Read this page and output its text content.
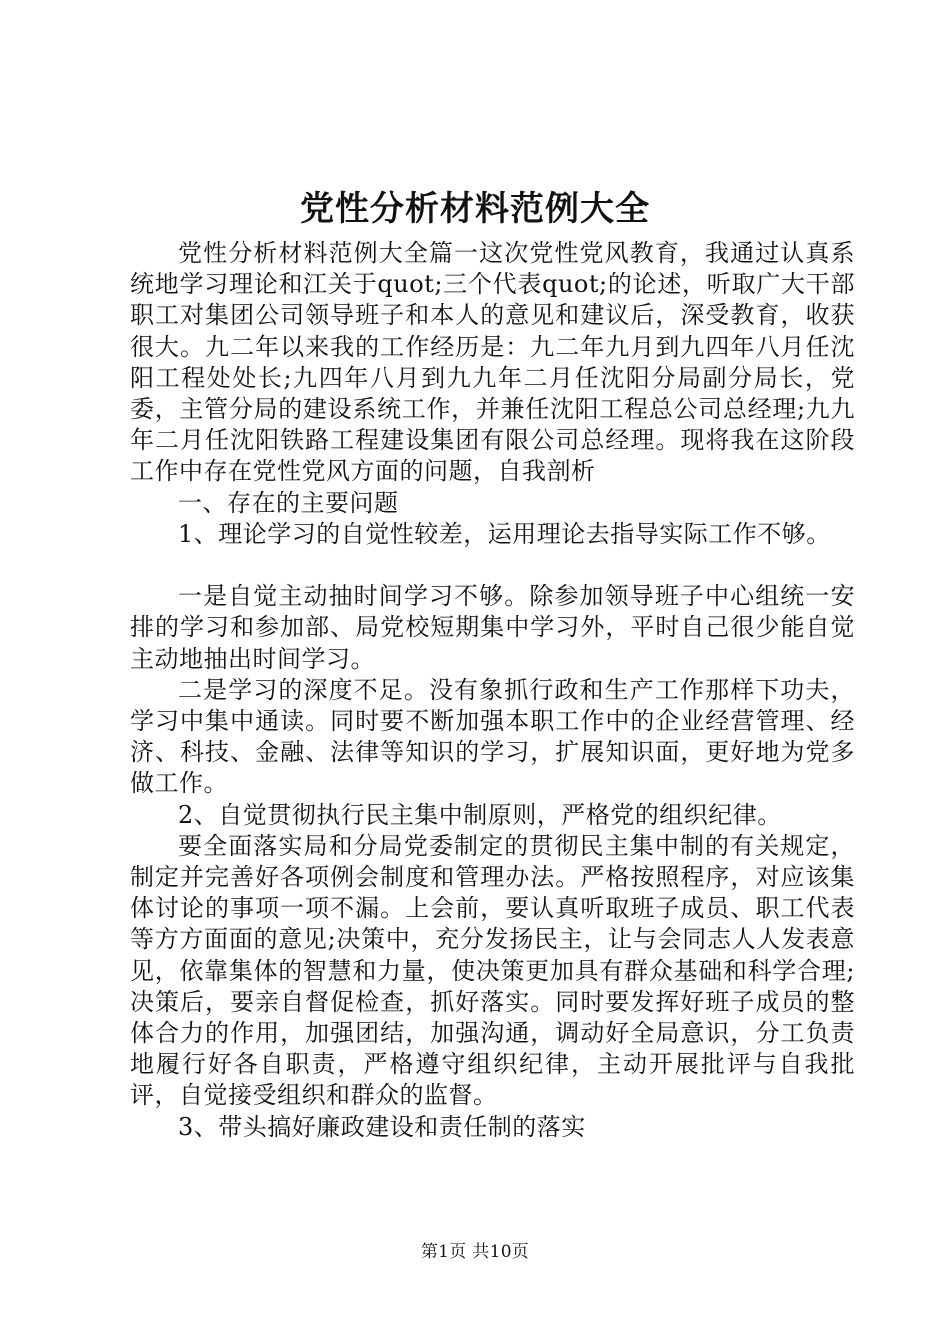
党性分析材料范例大全

党性分析材料范例大全篇一这次党性党风教育，我通过认真系统地学习理论和江关于quot;三个代表quot;的论述，听取广大干部职工对集团公司领导班子和本人的意见和建议后，深受教育，收获很大。九二年以来我的工作经历是：九二年九月到九四年八月任沈阳工程处处长;九四年八月到九九年二月任沈阳分局副分局长，党委，主管分局的建设系统工作，并兼任沈阳工程总公司总经理;九九年二月任沈阳铁路工程建设集团有限公司总经理。现将我在这阶段工作中存在党性党风方面的问题，自我剖析

一、存在的主要问题

1、理论学习的自觉性较差，运用理论去指导实际工作不够。

一是自觉主动抽时间学习不够。除参加领导班子中心组统一安排的学习和参加部、局党校短期集中学习外，平时自己很少能自觉主动地抽出时间学习。

二是学习的深度不足。没有象抓行政和生产工作那样下功夫，学习中集中通读。同时要不断加强本职工作中的企业经营管理、经济、科技、金融、法律等知识的学习，扩展知识面，更好地为党多做工作。

2、自觉贯彻执行民主集中制原则，严格党的组织纪律。

要全面落实局和分局党委制定的贯彻民主集中制的有关规定，制定并完善好各项例会制度和管理办法。严格按照程序，对应该集体讨论的事项一项不漏。上会前，要认真听取班子成员、职工代表等方方面面的意见;决策中，充分发扬民主，让与会同志人人发表意见，依靠集体的智慧和力量，使决策更加具有群众基础和科学合理;决策后，要亲自督促检查，抓好落实。同时要发挥好班子成员的整体合力的作用，加强团结，加强沟通，调动好全局意识，分工负责地履行好各自职责，严格遵守组织纪律，主动开展批评与自我批评，自觉接受组织和群众的监督。

3、带头搞好廉政建设和责任制的落实

第1页 共10页
